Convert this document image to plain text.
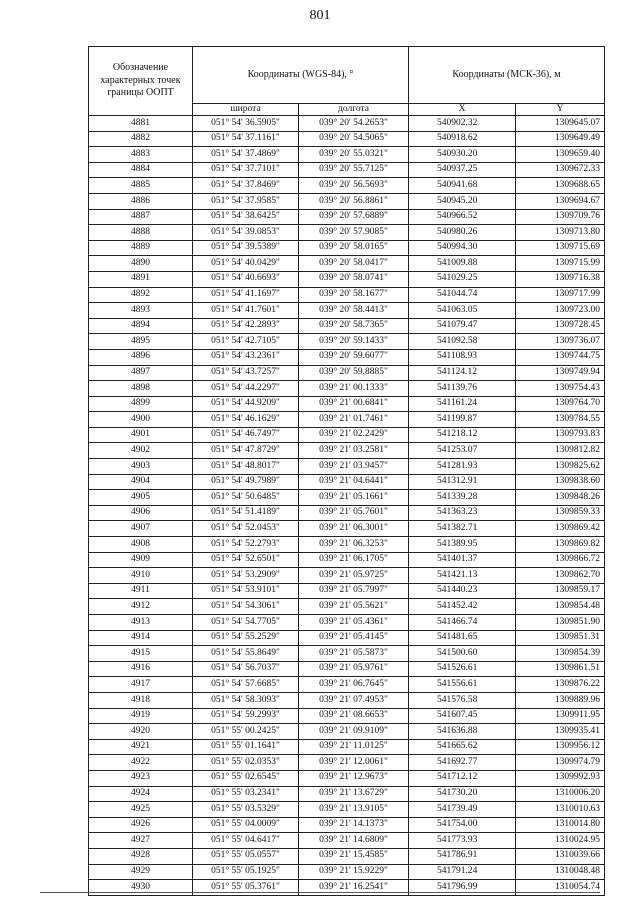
801
Обозначение характерных точек границы ООПТ	Координаты (WGS-84), °		Координаты (МСК-36), м	
	широта	долгота	X	Y
4881	051° 54' 36.5905"	039° 20' 54.2653"	540902.32	1309645.07
4882	051° 54' 37.1161"	039° 20' 54.5065"	540918.62	1309649.49
4883	051° 54' 37.4869"	039° 20' 55.0321"	540930.20	1309659.40
4884	051° 54' 37.7101"	039° 20' 55.7125"	540937.25	1309672.33
4885	051° 54' 37.8469"	039° 20' 56.5693"	540941.68	1309688.65
4886	051° 54' 37.9585"	039° 20' 56.8861"	540945.20	1309694.67
4887	051° 54' 38.6425"	039° 20' 57.6889"	540966.52	1309709.76
4888	051° 54' 39.0853"	039° 20' 57.9085"	540980.26	1309713.80
4889	051° 54' 39.5389"	039° 20' 58.0165"	540994.30	1309715.69
4890	051° 54' 40.0429"	039° 20' 58.0417"	541009.88	1309715.99
4891	051° 54' 40.6693"	039° 20' 58.0741"	541029.25	1309716.38
4892	051° 54' 41.1697"	039° 20' 58.1677"	541044.74	1309717.99
4893	051° 54' 41.7601"	039° 20' 58.4413"	541063.05	1309723.00
4894	051° 54' 42.2893"	039° 20' 58.7365"	541079.47	1309728.45
4895	051° 54' 42.7105"	039° 20' 59.1433"	541092.58	1309736.07
4896	051° 54' 43.2361"	039° 20' 59.6077"	541108.93	1309744.75
4897	051° 54' 43.7257"	039° 20' 59.8885"	541124.12	1309749.94
4898	051° 54' 44.2297"	039° 21' 00.1333"	541139.76	1309754.43
4899	051° 54' 44.9209"	039° 21' 00.6841"	541161.24	1309764.70
4900	051° 54' 46.1629"	039° 21' 01.7461"	541199.87	1309784.55
4901	051° 54' 46.7497"	039° 21' 02.2429"	541218.12	1309793.83
4902	051° 54' 47.8729"	039° 21' 03.2581"	541253.07	1309812.82
4903	051° 54' 48.8017"	039° 21' 03.9457"	541281.93	1309825.62
4904	051° 54' 49.7989"	039° 21' 04.6441"	541312.91	1309838.60
4905	051° 54' 50.6485"	039° 21' 05.1661"	541339.28	1309848.26
4906	051° 54' 51.4189"	039° 21' 05.7601"	541363.23	1309859.33
4907	051° 54' 52.0453"	039° 21' 06.3001"	541382.71	1309869.42
4908	051° 54' 52.2793"	039° 21' 06.3253"	541389.95	1309869.82
4909	051° 54' 52.6501"	039° 21' 06.1705"	541401.37	1309866.72
4910	051° 54' 53.2909"	039° 21' 05.9725"	541421.13	1309862.70
4911	051° 54' 53.9101"	039° 21' 05.7997"	541440.23	1309859.17
4912	051° 54' 54.3061"	039° 21' 05.5621"	541452.42	1309854.48
4913	051° 54' 54.7705"	039° 21' 05.4361"	541466.74	1309851.90
4914	051° 54' 55.2529"	039° 21' 05.4145"	541481.65	1309851.31
4915	051° 54' 55.8649"	039° 21' 05.5873"	541500.60	1309854.39
4916	051° 54' 56.7037"	039° 21' 05.9761"	541526.61	1309861.51
4917	051° 54' 57.6685"	039° 21' 06.7645"	541556.61	1309876.22
4918	051° 54' 58.3093"	039° 21' 07.4953"	541576.58	1309889.96
4919	051° 54' 59.2993"	039° 21' 08.6653"	541607.45	1309911.95
4920	051° 55' 00.2425"	039° 21' 09.9109"	541636.88	1309935.41
4921	051° 55' 01.1641"	039° 21' 11.0125"	541665.62	1309956.12
4922	051° 55' 02.0353"	039° 21' 12.0061"	541692.77	1309974.79
4923	051° 55' 02.6545"	039° 21' 12.9673"	541712.12	1309992.93
4924	051° 55' 03.2341"	039° 21' 13.6729"	541730.20	1310006.20
4925	051° 55' 03.5329"	039° 21' 13.9105"	541739.49	1310010.63
4926	051° 55' 04.0009"	039° 21' 14.1373"	541754.00	1310014.80
4927	051° 55' 04.6417"	039° 21' 14.6809"	541773.93	1310024.95
4928	051° 55' 05.0557"	039° 21' 15.4585"	541786.91	1310039.66
4929	051° 55' 05.1925"	039° 21' 15.9229"	541791.24	1310048.48
4930	051° 55' 05.3761"	039° 21' 16.2541"	541796.99	1310054.74
